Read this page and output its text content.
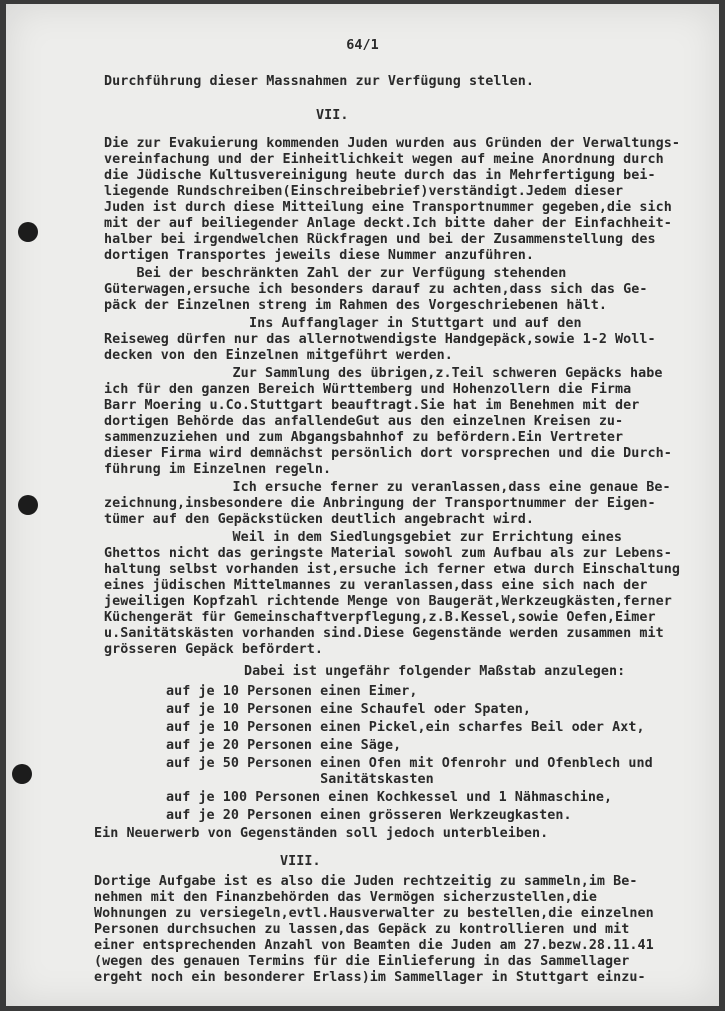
64/1
Durchführung dieser Massnahmen zur Verfügung stellen.
VII.
Die zur Evakuierung kommenden Juden wurden aus Gründen der Verwaltungs-
vereinfachung und der Einheitlichkeit wegen auf meine Anordnung durch
die Jüdische Kultusvereinigung heute durch das in Mehrfertigung bei-
liegende Rundschreiben(Einschreibebrief)verständigt.Jedem dieser
Juden ist durch diese Mitteilung eine Transportnummer gegeben,die sich
mit der auf beiliegender Anlage deckt.Ich bitte daher der Einfachheit-
halber bei irgendwelchen Rückfragen und bei der Zusammenstellung des
dortigen Transportes jeweils diese Nummer anzuführen.
Bei der beschränkten Zahl der zur Verfügung stehenden
Güterwagen,ersuche ich besonders darauf zu achten,dass sich das Ge-
päck der Einzelnen streng im Rahmen des Vorgeschriebenen hält.
Ins Auffanglager in Stuttgart und auf den
Reiseweg dürfen nur das allernotwendigste Handgepäck,sowie 1-2 Woll-
decken von den Einzelnen mitgeführt werden.
Zur Sammlung des übrigen,z.Teil schweren Gepäcks habe
ich für den ganzen Bereich Württemberg und Hohenzollern die Firma
Barr Moering u.Co.Stuttgart beauftragt.Sie hat im Benehmen mit der
dortigen Behörde das anfallendeGut aus den einzelnen Kreisen zu-
sammenzuziehen und zum Abgangsbahnhof zu befördern.Ein Vertreter
dieser Firma wird demnächst persönlich dort vorsprechen und die Durch-
führung im Einzelnen regeln.
Ich ersuche ferner zu veranlassen,dass eine genaue Be-
zeichnung,insbesondere die Anbringung der Transportnummer der Eigen-
tümer auf den Gepäckstücken deutlich angebracht wird.
Weil in dem Siedlungsgebiet zur Errichtung eines
Ghettos nicht das geringste Material sowohl zum Aufbau als zur Lebens-
haltung selbst vorhanden ist,ersuche ich ferner etwa durch Einschaltung
eines jüdischen Mittelmannes zu veranlassen,dass eine sich nach der
jeweiligen Kopfzahl richtende Menge von Baugerät,Werkzeugkästen,ferner
Küchengerät für Gemeinschaftverpflegung,z.B.Kessel,sowie Oefen,Eimer
u.Sanitätskästen vorhanden sind.Diese Gegenstände werden zusammen mit
grösseren Gepäck befördert.
Dabei ist ungefähr folgender Maßstab anzulegen:
auf je 10 Personen einen Eimer,
auf je 10 Personen eine Schaufel oder Spaten,
auf je 10 Personen einen Pickel,ein scharfes Beil oder Axt,
auf je 20 Personen eine Säge,
auf je 50 Personen einen Ofen mit Ofenrohr und Ofenblech und
Sanitätskasten
auf je 100 Personen einen Kochkessel und 1 Nähmaschine,
auf je 20 Personen einen grösseren Werkzeugkasten.
Ein Neuerwerb von Gegenständen soll jedoch unterbleiben.
VIII.
Dortige Aufgabe ist es also die Juden rechtzeitig zu sammeln,im Be-
nehmen mit den Finanzbehörden das Vermögen sicherzustellen,die
Wohnungen zu versiegeln,evtl.Hausverwalter zu bestellen,die einzelnen
Personen durchsuchen zu lassen,das Gepäck zu kontrollieren und mit
einer entsprechenden Anzahl von Beamten die Juden am 27.bezw.28.11.41
(wegen des genauen Termins für die Einlieferung in das Sammellager
ergeht noch ein besonderer Erlass)im Sammellager in Stuttgart einzu-
